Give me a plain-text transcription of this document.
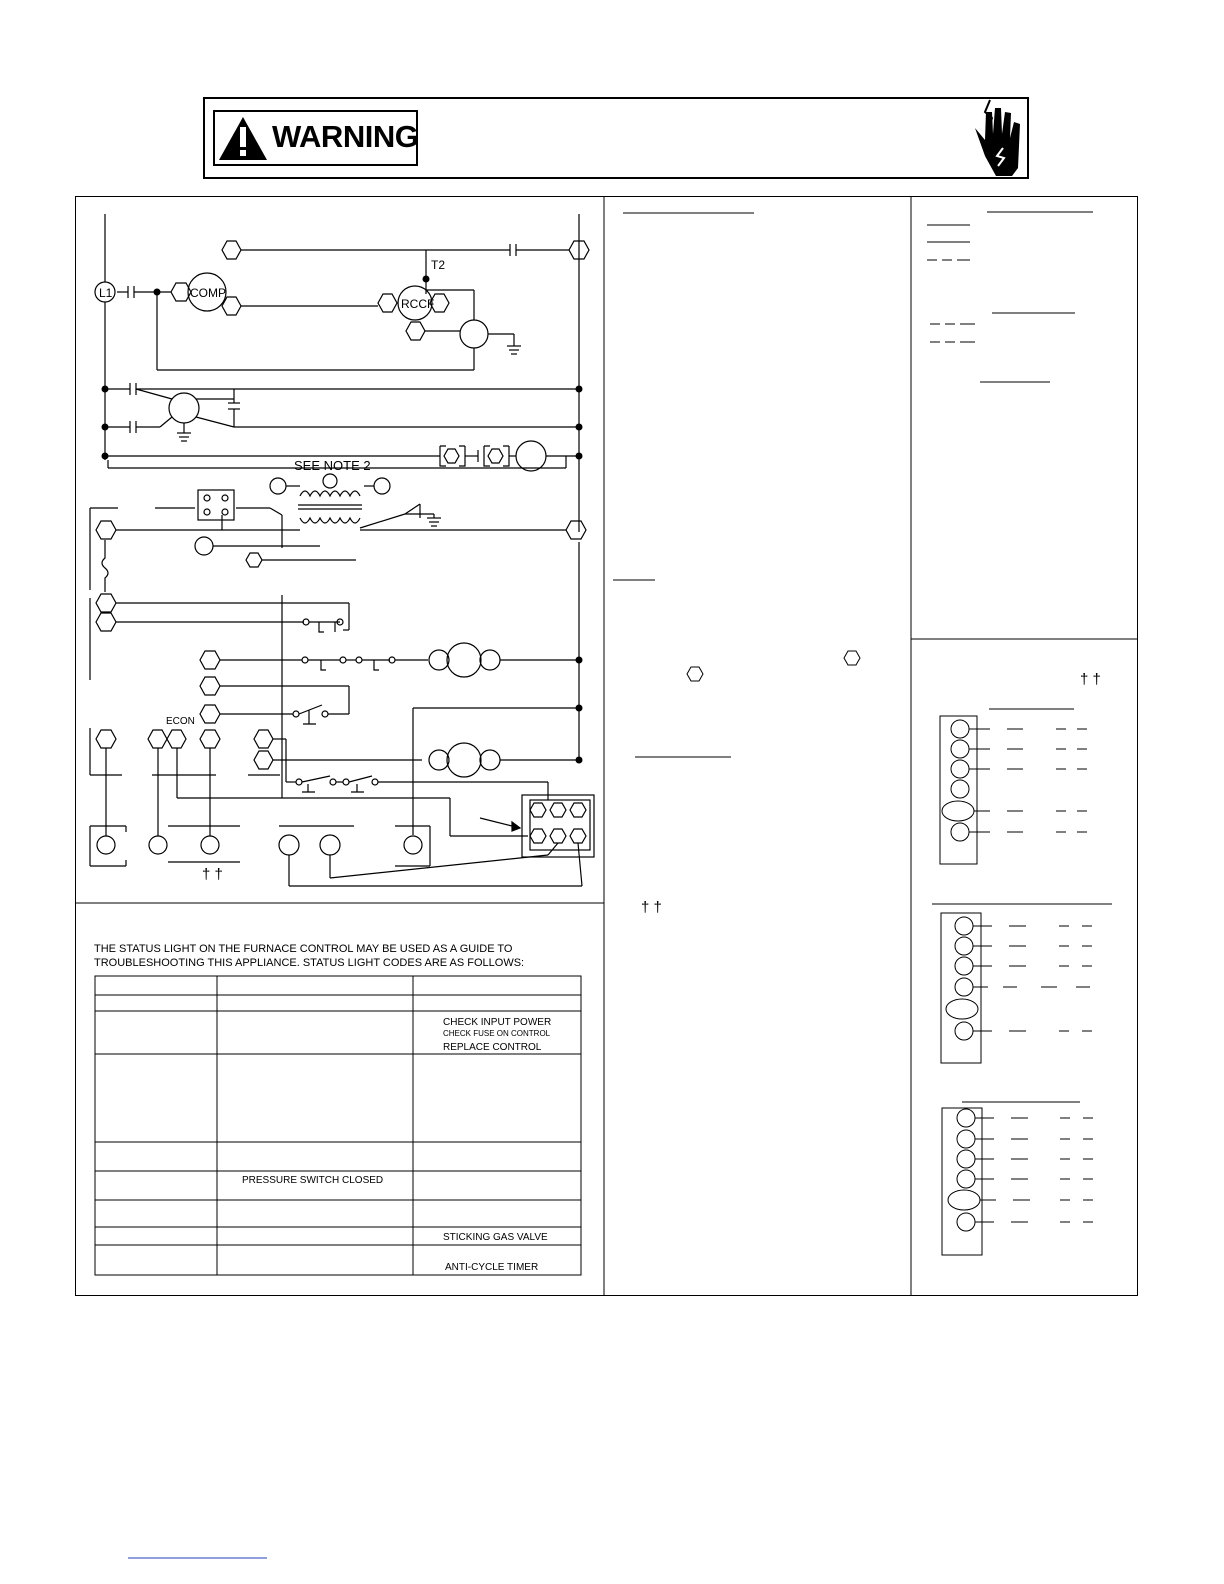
WARNING
L1	COMP
T2
RCCF
SEE NOTE 2
ECON
† †
THE STATUS LIGHT ON THE FURNACE CONTROL MAY BE USED AS A GUIDE TO
TROUBLESHOOTING THIS APPLIANCE. STATUS LIGHT CODES ARE AS FOLLOWS:
CHECK INPUT POWER
CHECK FUSE ON CONTROL
REPLACE CONTROL
PRESSURE SWITCH CLOSED
STICKING GAS VALVE
ANTI-CYCLE TIMER
† †
† †
